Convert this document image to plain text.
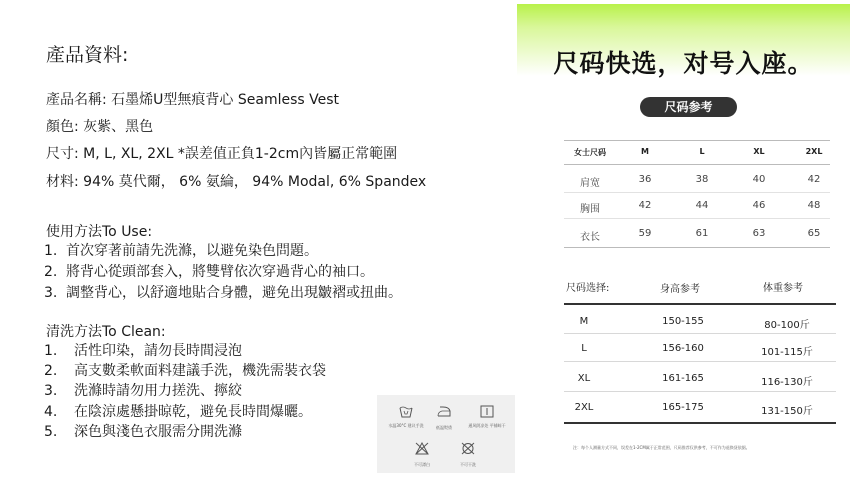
產品資料:
產品名稱: 石墨烯U型無痕背心 Seamless Vest
顏色: 灰紫、黑色
尺寸: M, L, XL, 2XL *誤差值正負1-2cm內皆屬正常範圍
材料: 94% 莫代爾， 6% 氨綸， 94% Modal, 6% Spandex
使用方法To Use:
1. 首次穿著前請先洗滌，以避免染色問題。
2. 將背心從頭部套入，將雙臂依次穿過背心的袖口。
3. 調整背心，以舒適地貼合身體，避免出現皺褶或扭曲。
清洗方法To Clean:
1. 活性印染，請勿長時間浸泡
2. 高支數柔軟面料建議手洗，機洗需裝衣袋
3. 洗滌時請勿用力搓洗、擰絞
4. 在陰涼處懸掛晾乾，避免長時間爆曬。
5. 深色與淺色衣服需分開洗滌	水温30°C 建议手洗	低温熨烫	通风阴凉处 平铺晾干
不可漂白	不可干洗
尺码快选，对号入座。
尺码参考
女士尺码	M	L	XL	2XL
肩宽	36	38	40	42
胸围	42	44	46	48
衣长	59	61	63	65
尺码选择:	身高参考	体重参考
M	150-155	80-100斤
L	156-160	101-115斤
XL	161-165	116-130斤
2XL	165-175	131-150斤
注：每个人测量方式不同，误差在1-2CM属于正常范围，尺码推荐仅供参考，不可作为退换货依据。
